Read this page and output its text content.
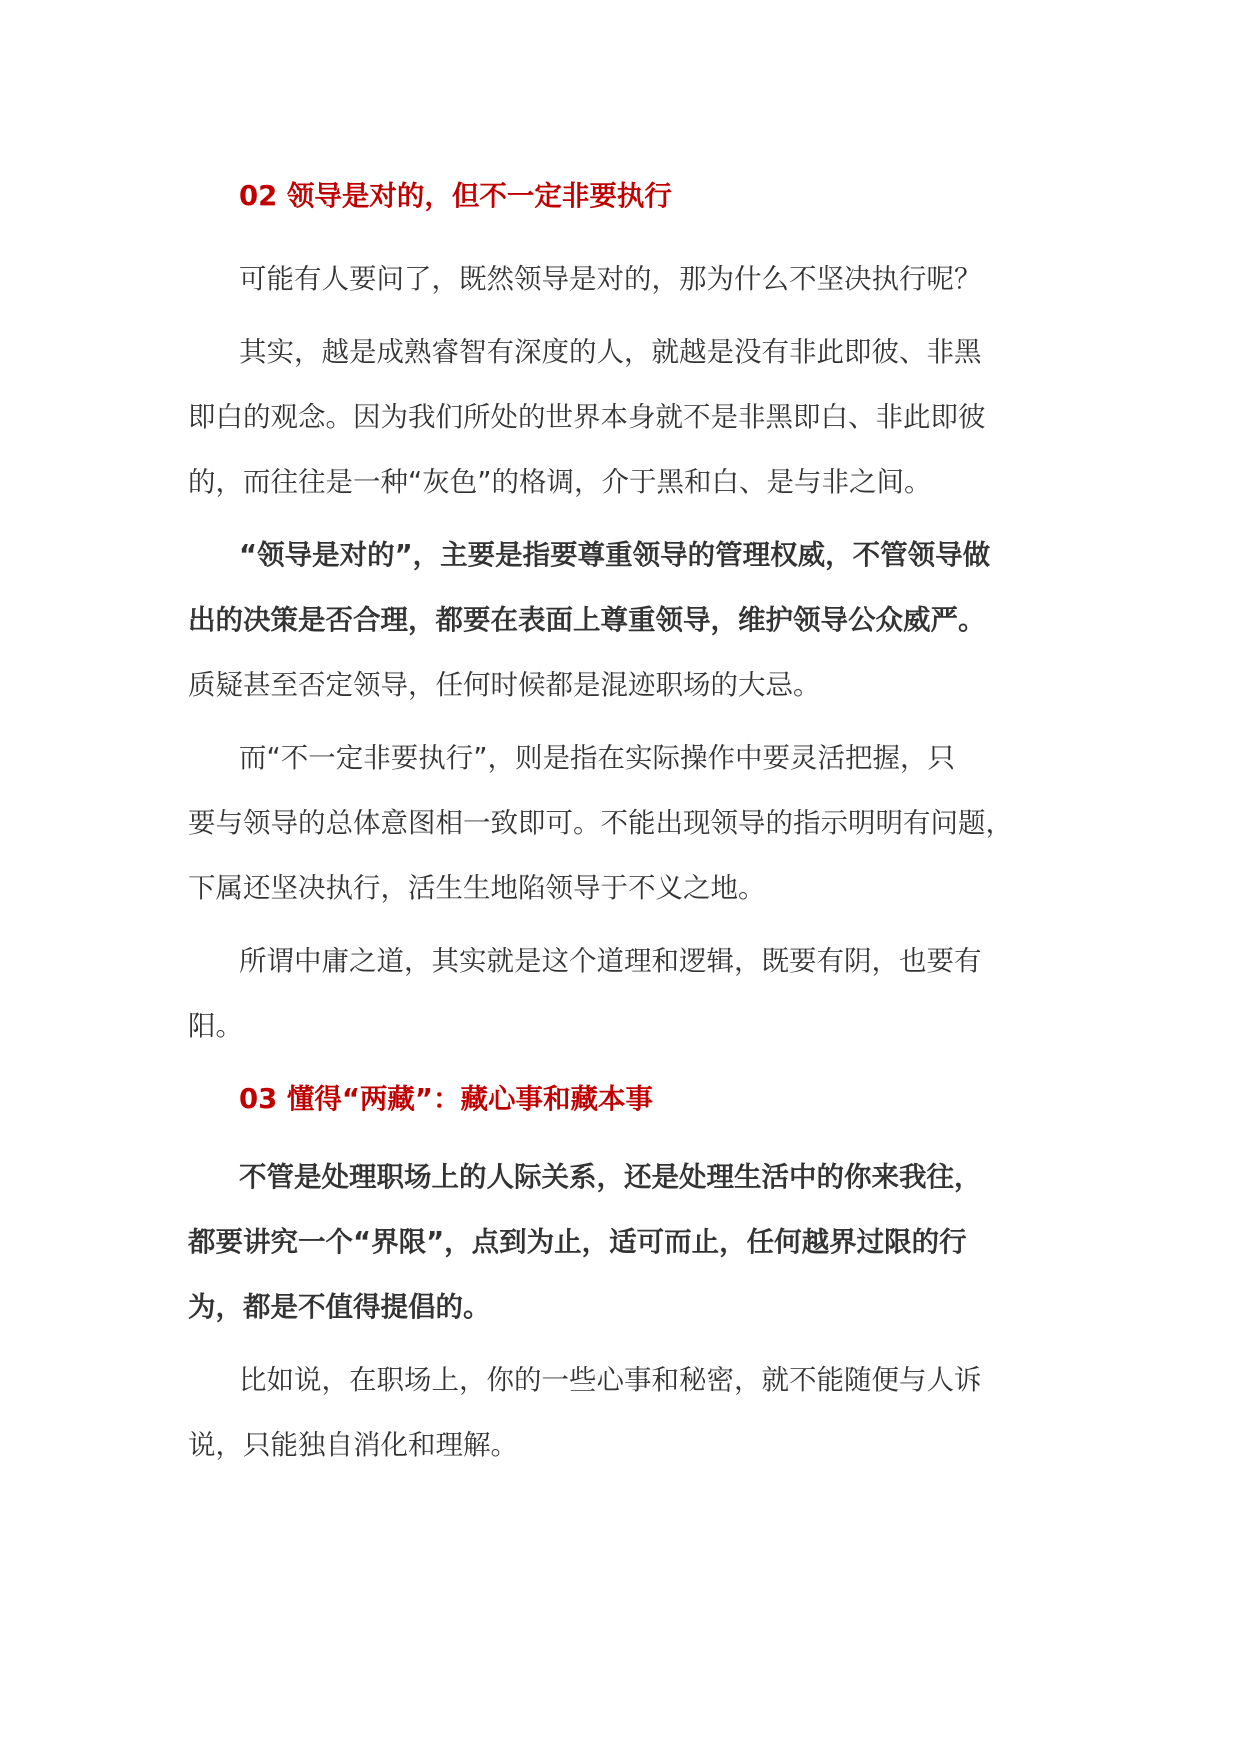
02 领导是对的，但不一定非要执行

可能有人要问了，既然领导是对的，那为什么不坚决执行呢？

其实，越是成熟睿智有深度的人，就越是没有非此即彼、非黑
即白的观念。因为我们所处的世界本身就不是非黑即白、非此即彼
的，而往往是一种“灰色”的格调，介于黑和白、是与非之间。

“领导是对的”，主要是指要尊重领导的管理权威，不管领导做
出的决策是否合理，都要在表面上尊重领导，维护领导公众威严。
质疑甚至否定领导，任何时候都是混迹职场的大忌。

而“不一定非要执行”，则是指在实际操作中要灵活把握，只
要与领导的总体意图相一致即可。不能出现领导的指示明明有问题，
下属还坚决执行，活生生地陷领导于不义之地。

所谓中庸之道，其实就是这个道理和逻辑，既要有阴，也要有
阳。

03 懂得“两藏”：藏心事和藏本事

不管是处理职场上的人际关系，还是处理生活中的你来我往，
都要讲究一个“界限”，点到为止，适可而止，任何越界过限的行
为，都是不值得提倡的。

比如说，在职场上，你的一些心事和秘密，就不能随便与人诉
说，只能独自消化和理解。
